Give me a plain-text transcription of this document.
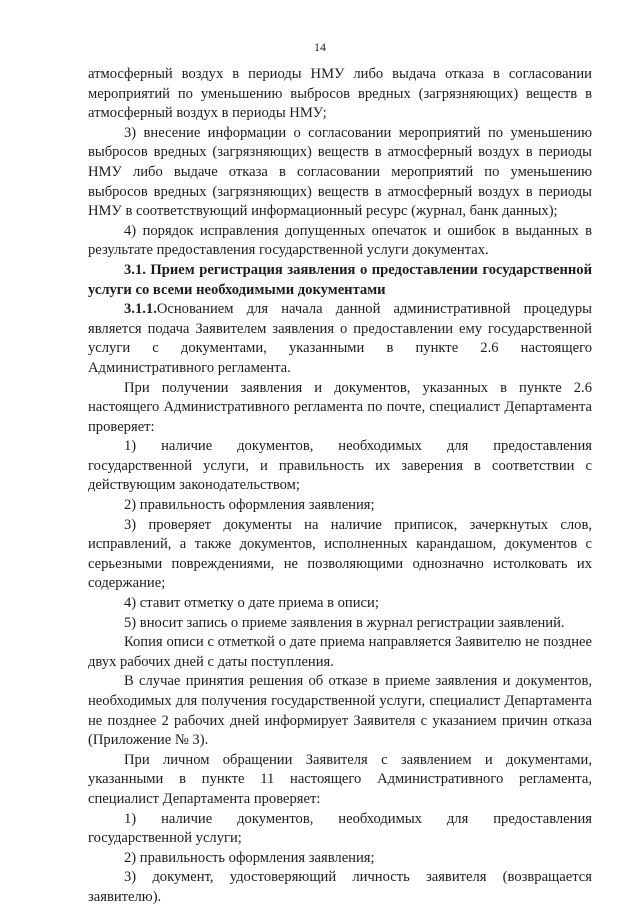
14

атмосферный воздух в периоды НМУ либо выдача отказа в согласовании мероприятий по уменьшению выбросов вредных (загрязняющих) веществ в атмосферный воздух в периоды НМУ;

3) внесение информации о согласовании мероприятий по уменьшению выбросов вредных (загрязняющих) веществ в атмосферный воздух в периоды НМУ либо выдаче отказа в согласовании мероприятий по уменьшению выбросов вредных (загрязняющих) веществ в атмосферный воздух в периоды НМУ в соответствующий информационный ресурс (журнал, банк данных);

4) порядок исправления допущенных опечаток и ошибок в выданных в результате предоставления государственной услуги документах.

3.1. Прием регистрация заявления о предоставлении государственной услуги со всеми необходимыми документами

3.1.1.Основанием для начала данной административной процедуры является подача Заявителем заявления о предоставлении ему государственной услуги с документами, указанными в пункте 2.6 настоящего Административного регламента.

При получении заявления и документов, указанных в пункте 2.6 настоящего Административного регламента по почте, специалист Департамента проверяет:

1) наличие документов, необходимых для предоставления государственной услуги, и правильность их заверения в соответствии с действующим законодательством;

2) правильность оформления заявления;

3) проверяет документы на наличие приписок, зачеркнутых слов, исправлений, а также документов, исполненных карандашом, документов с серьезными повреждениями, не позволяющими однозначно истолковать их содержание;

4) ставит отметку о дате приема в описи;

5) вносит запись о приеме заявления в журнал регистрации заявлений.

Копия описи с отметкой о дате приема направляется Заявителю не позднее двух рабочих дней с даты поступления.

В случае принятия решения об отказе в приеме заявления и документов, необходимых для получения государственной услуги, специалист Департамента не позднее 2 рабочих дней информирует Заявителя с указанием причин отказа (Приложение № 3).

При личном обращении Заявителя с заявлением и документами, указанными в пункте 11 настоящего Административного регламента, специалист Департамента проверяет:

1) наличие документов, необходимых для предоставления государственной услуги;

2) правильность оформления заявления;

3) документ, удостоверяющий личность заявителя (возвращается заявителю).
